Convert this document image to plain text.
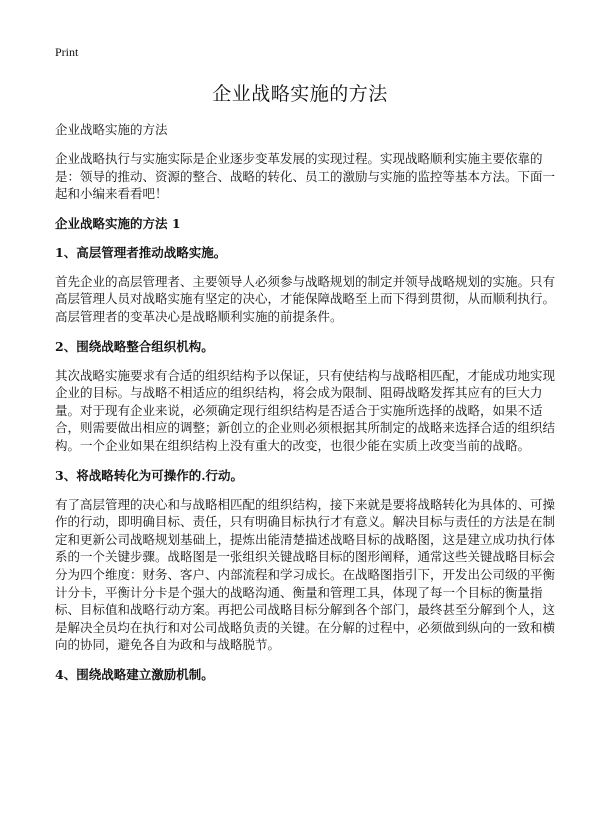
Print
企业战略实施的方法
企业战略实施的方法

企业战略执行与实施实际是企业逐步变革发展的实现过程。实现战略顺利实施主要依靠的是：领导的推动、资源的整合、战略的转化、员工的激励与实施的监控等基本方法。下面一起和小编来看看吧！

企业战略实施的方法 1
1、高层管理者推动战略实施。

首先企业的高层管理者、主要领导人必须参与战略规划的制定并领导战略规划的实施。只有高层管理人员对战略实施有坚定的决心，才能保障战略至上而下得到贯彻，从而顺利执行。高层管理者的变革决心是战略顺利实施的前提条件。

2、围绕战略整合组织机构。

其次战略实施要求有合适的组织结构予以保证，只有使结构与战略相匹配，才能成功地实现企业的目标。与战略不相适应的组织结构，将会成为限制、阻碍战略发挥其应有的巨大力量。对于现有企业来说，必须确定现行组织结构是否适合于实施所选择的战略，如果不适合，则需要做出相应的调整；新创立的企业则必须根据其所制定的战略来选择合适的组织结构。一个企业如果在组织结构上没有重大的改变，也很少能在实质上改变当前的战略。

3、将战略转化为可操作的.行动。

有了高层管理的决心和与战略相匹配的组织结构，接下来就是要将战略转化为具体的、可操作的行动，即明确目标、责任，只有明确目标执行才有意义。解决目标与责任的方法是在制定和更新公司战略规划基础上，提炼出能清楚描述战略目标的战略图，这是建立成功执行体系的一个关键步骤。战略图是一张组织关键战略目标的图形阐释，通常这些关键战略目标会分为四个维度：财务、客户、内部流程和学习成长。在战略图指引下，开发出公司级的平衡计分卡，平衡计分卡是个强大的战略沟通、衡量和管理工具，体现了每一个目标的衡量指标、目标值和战略行动方案。再把公司战略目标分解到各个部门，最终甚至分解到个人，这是解决全员均在执行和对公司战略负责的关键。在分解的过程中，必须做到纵向的一致和横向的协同，避免各自为政和与战略脱节。

4、围绕战略建立激励机制。
